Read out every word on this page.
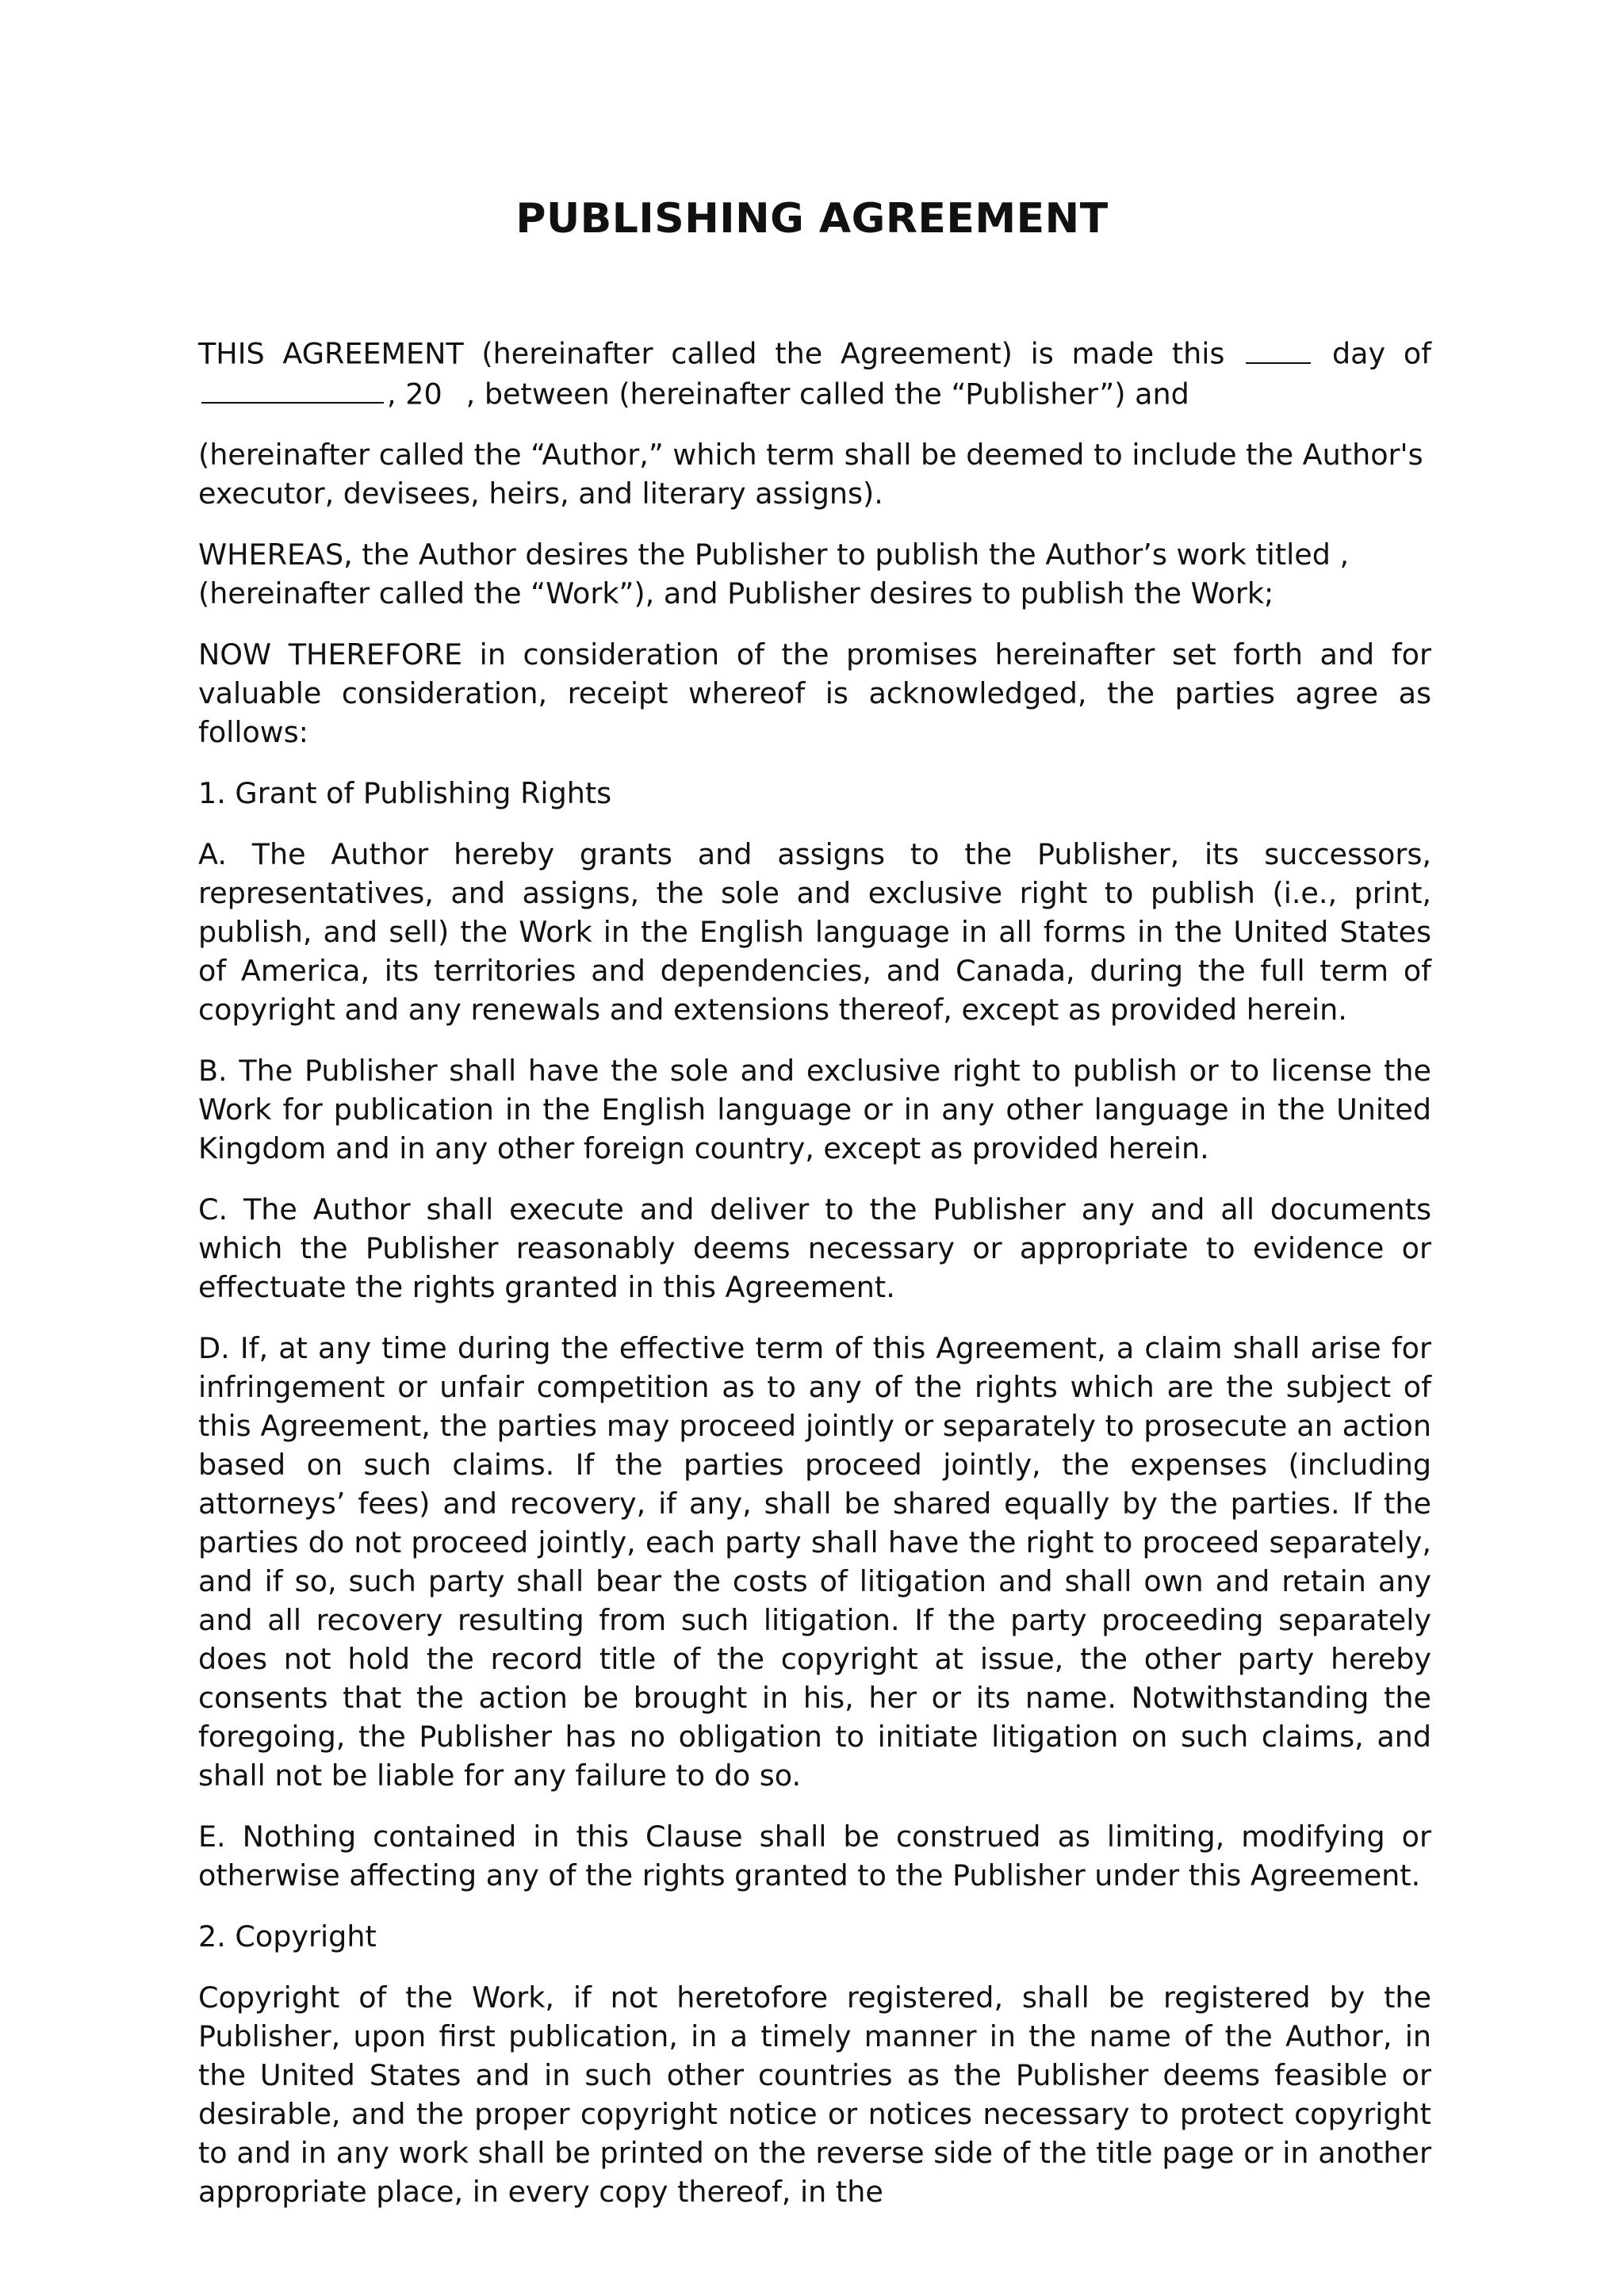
PUBLISHING AGREEMENT

THIS AGREEMENT (hereinafter called the Agreement) is made this	day of , 20 , between (hereinafter called the “Publisher”) and

(hereinafter called the “Author,” which term shall be deemed to include the Author's executor, devisees, heirs, and literary assigns).

WHEREAS, the Author desires the Publisher to publish the Author’s work titled , (hereinafter called the “Work”), and Publisher desires to publish the Work;

NOW THEREFORE in consideration of the promises hereinafter set forth and for valuable consideration, receipt whereof is acknowledged, the parties agree as follows:

1. Grant of Publishing Rights

A. The Author hereby grants and assigns to the Publisher, its successors, representatives, and assigns, the sole and exclusive right to publish (i.e., print, publish, and sell) the Work in the English language in all forms in the United States of America, its territories and dependencies, and Canada, during the full term of copyright and any renewals and extensions thereof, except as provided herein.

B. The Publisher shall have the sole and exclusive right to publish or to license the Work for publication in the English language or in any other language in the United Kingdom and in any other foreign country, except as provided herein.

C. The Author shall execute and deliver to the Publisher any and all documents which the Publisher reasonably deems necessary or appropriate to evidence or effectuate the rights granted in this Agreement.

D. If, at any time during the effective term of this Agreement, a claim shall arise for infringement or unfair competition as to any of the rights which are the subject of this Agreement, the parties may proceed jointly or separately to prosecute an action based on such claims. If the parties proceed jointly, the expenses (including attorneys’ fees) and recovery, if any, shall be shared equally by the parties. If the parties do not proceed jointly, each party shall have the right to proceed separately, and if so, such party shall bear the costs of litigation and shall own and retain any and all recovery resulting from such litigation. If the party proceeding separately does not hold the record title of the copyright at issue, the other party hereby consents that the action be brought in his, her or its name. Notwithstanding the foregoing, the Publisher has no obligation to initiate litigation on such claims, and shall not be liable for any failure to do so.

E. Nothing contained in this Clause shall be construed as limiting, modifying or otherwise affecting any of the rights granted to the Publisher under this Agreement.

2. Copyright

Copyright of the Work, if not heretofore registered, shall be registered by the Publisher, upon first publication, in a timely manner in the name of the Author, in the United States and in such other countries as the Publisher deems feasible or desirable, and the proper copyright notice or notices necessary to protect copyright to and in any work shall be printed on the reverse side of the title page or in another appropriate place, in every copy thereof, in the
